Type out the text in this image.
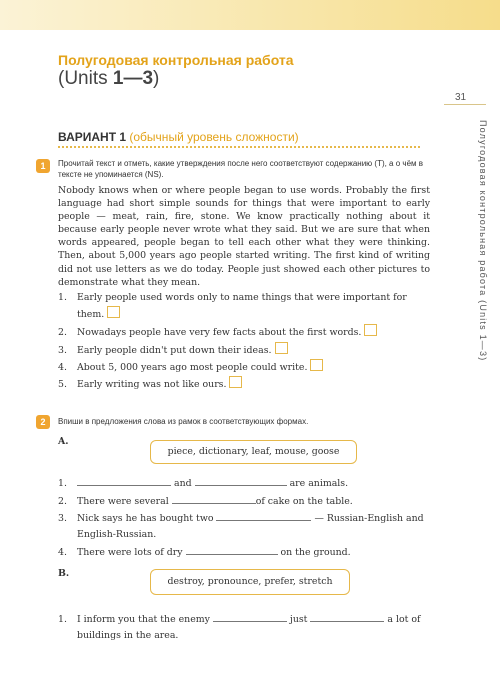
Полугодовая контрольная работа
(Units 1—3)
31
Полугодовая контрольная работа (Units 1—3)
ВАРИАНТ 1 (обычный уровень сложности)
1	Прочитай текст и отметь, какие утверждения после него соответствуют содержанию (T), а о чём в тексте не упоминается (NS).
Nobody knows when or where people began to use words. Probably the first language had short simple sounds for things that were important to early people — meat, rain, fire, stone. We know practically nothing about it because early people never wrote what they said. But we are sure that when words appeared, people began to tell each other what they were thinking. Then, about 5,000 years ago people started writing. The first kind of writing did not use letters as we do today. People just showed each other pictures to demonstrate what they mean.
1. Early people used words only to name things that were important for
them.
2. Nowadays people have very few facts about the first words.
3. Early people didn't put down their ideas.
4. About 5, 000 years ago most people could write.
5. Early writing was not like ours.
2	Впиши в предложения слова из рамок в соответствующих формах.
A.
piece, dictionary, leaf, mouse, goose
1.	and	are animals.
2. There were several	of cake on the table.
3. Nick says he has bought two	— Russian-English and
English-Russian.
4. There were lots of dry	on the ground.
B.
destroy, pronounce, prefer, stretch
1. I inform you that the enemy	just	a lot of
buildings in the area.
